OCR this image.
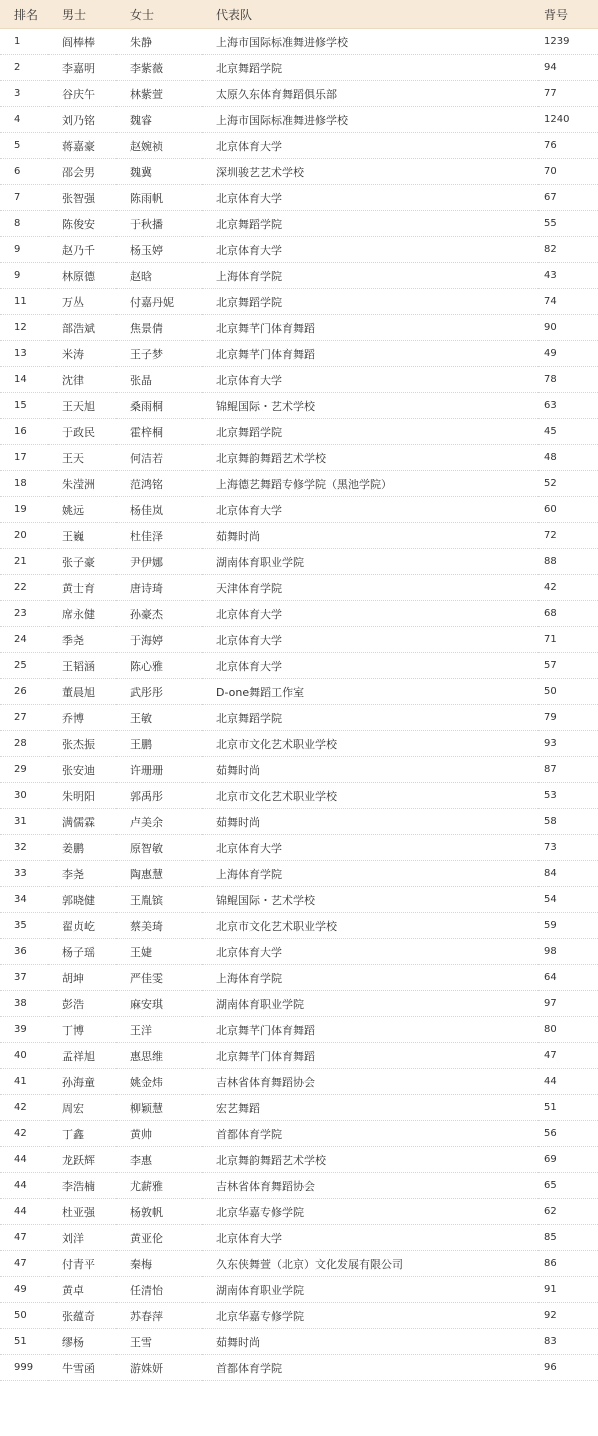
排名	男士	女士	代表队	背号
1	阎棒棒	朱静	上海市国际标准舞进修学校	1239
2	李嘉明	李紫薇	北京舞蹈学院	94
3	谷庆午	林紫萱	太原久东体育舞蹈俱乐部	77
4	刘乃铭	魏睿	上海市国际标准舞进修学校	1240
5	蒋嘉豪	赵婉祯	北京体育大学	76
6	邵会男	魏冀	深圳骏艺艺术学校	70
7	张智强	陈雨帆	北京体育大学	67
8	陈俊安	于秋播	北京舞蹈学院	55
9	赵乃千	杨玉婷	北京体育大学	82
9	林原德	赵晗	上海体育学院	43
11	万丛	付嘉丹妮	北京舞蹈学院	74
12	部浩斌	焦景倩	北京舞芊门体育舞蹈	90
13	米涛	王子梦	北京舞芊门体育舞蹈	49
14	沈律	张晶	北京体育大学	78
15	王天旭	桑雨桐	锦鲲国际・艺术学校	63
16	于政民	霍梓桐	北京舞蹈学院	45
17	王天	何洁若	北京舞韵舞蹈艺术学校	48
18	朱滢洲	范鸿铭	上海德艺舞蹈专修学院（黑池学院）	52
19	姚远	杨佳岚	北京体育大学	60
20	王巍	杜佳泽	茹舞时尚	72
21	张子豪	尹伊娜	湖南体育职业学院	88
22	黄士育	唐诗琦	天津体育学院	42
23	席永健	孙豪杰	北京体育大学	68
24	季尧	于海婷	北京体育大学	71
25	王韬涵	陈心雅	北京体育大学	57
26	董晨旭	武彤彤	D-one舞蹈工作室	50
27	乔博	王敏	北京舞蹈学院	79
28	张杰振	王鹏	北京市文化艺术职业学校	93
29	张安迪	许珊珊	茹舞时尚	87
30	朱明阳	郭禹彤	北京市文化艺术职业学校	53
31	满儒霖	卢美余	茹舞时尚	58
32	姜鹏	原智敏	北京体育大学	73
33	李尧	陶惠慧	上海体育学院	84
34	郭晓健	王胤镔	锦鲲国际・艺术学校	54
35	翟贞屹	蔡美琦	北京市文化艺术职业学校	59
36	杨子瑶	王婕	北京体育大学	98
37	胡坤	严佳雯	上海体育学院	64
38	彭浩	麻安琪	湖南体育职业学院	97
39	丁博	王洋	北京舞芊门体育舞蹈	80
40	孟祥旭	惠思维	北京舞芊门体育舞蹈	47
41	孙海童	姚金炜	吉林省体育舞蹈协会	44
42	周宏	柳颖慧	宏艺舞蹈	51
42	丁鑫	黄帅	首都体育学院	56
44	龙跃辉	李惠	北京舞韵舞蹈艺术学校	69
44	李浩楠	尤薪雅	吉林省体育舞蹈协会	65
44	杜亚强	杨敦帆	北京华嘉专修学院	62
47	刘洋	黄亚伦	北京体育大学	85
47	付青平	秦梅	久东侠舞萱（北京）文化发展有限公司	86
49	黄卓	任清怡	湖南体育职业学院	91
50	张蕴奇	苏春萍	北京华嘉专修学院	92
51	缪杨	王雪	茹舞时尚	83
999	牛雪函	游姝妍	首都体育学院	96
